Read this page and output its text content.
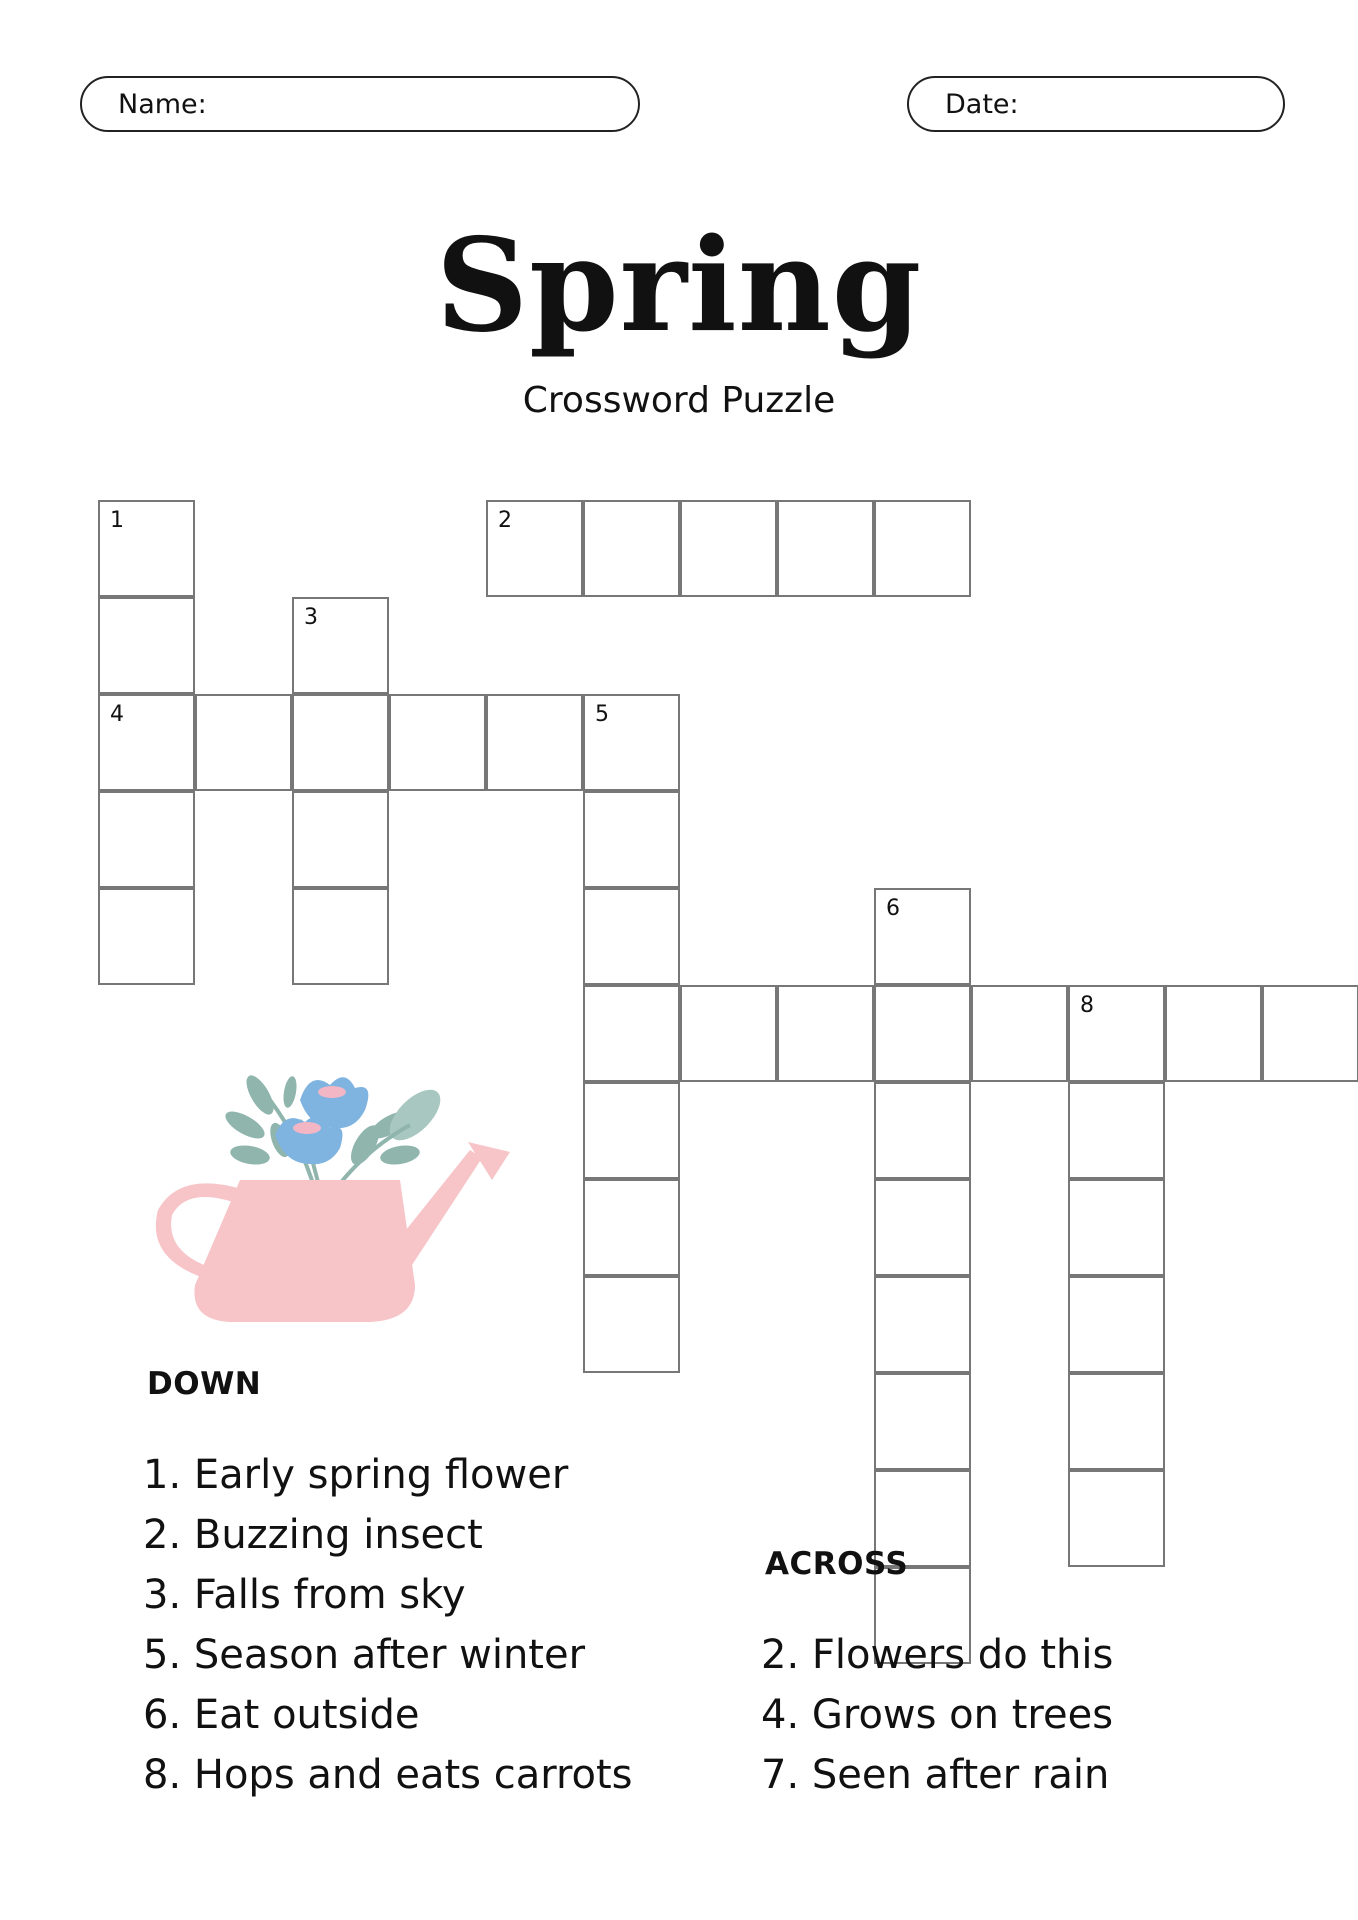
Name:	Date:
Spring
Crossword Puzzle
1
4
2
3
5
8
6
DOWN
1. Early spring flower
2. Buzzing insect
3. Falls from sky
5. Season after winter
6. Eat outside
8. Hops and eats carrots
ACROSS
2. Flowers do this
4. Grows on trees
7. Seen after rain
